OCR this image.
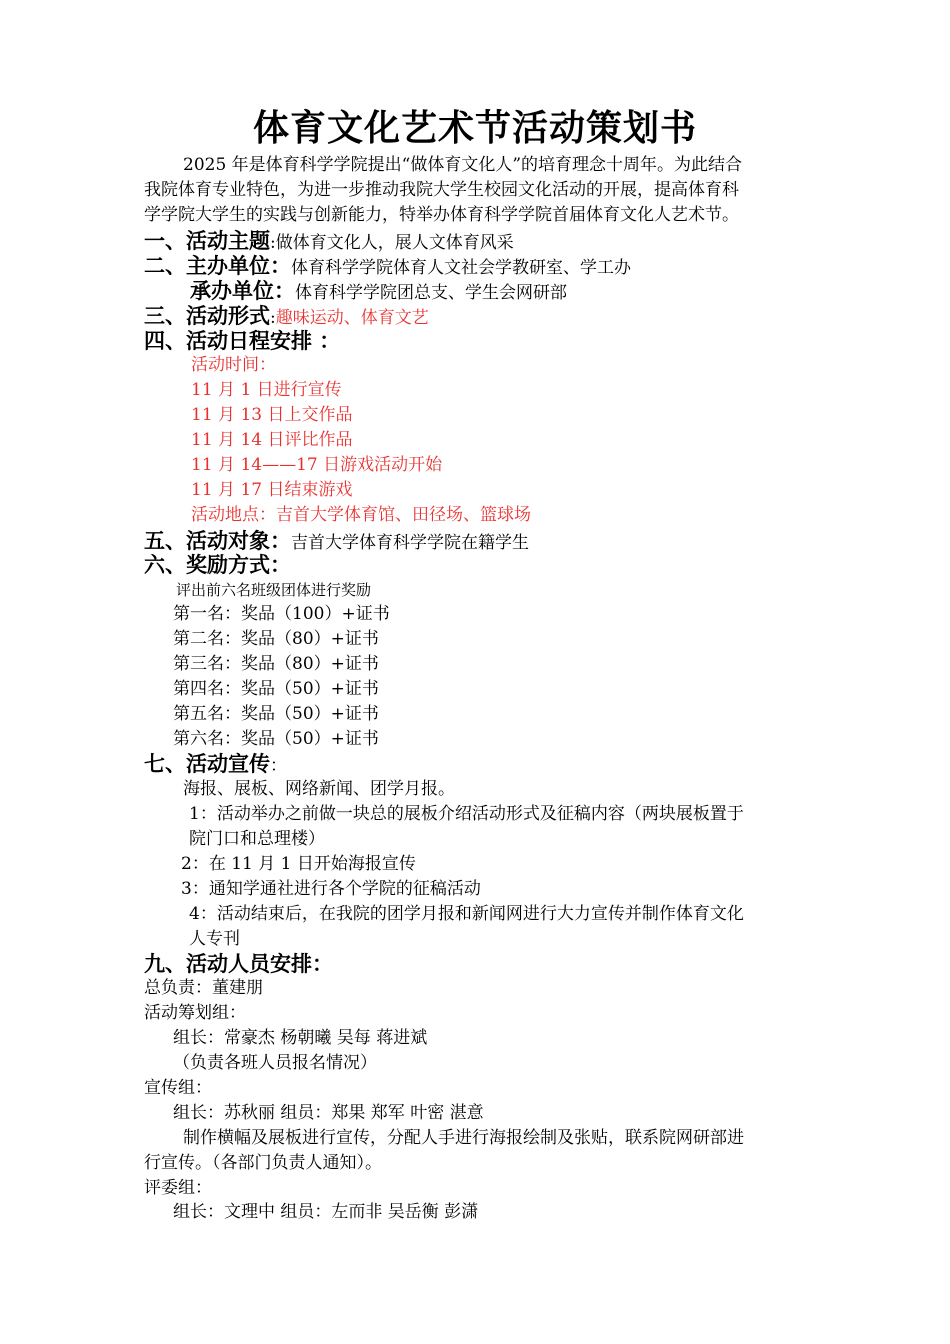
体育文化艺术节活动策划书
2025 年是体育科学学院提出“做体育文化人”的培育理念十周年。为此结合
我院体育专业特色，为进一步推动我院大学生校园文化活动的开展，提高体育科
学学院大学生的实践与创新能力，特举办体育科学学院首届体育文化人艺术节。
一、活动主题:做体育文化人，展人文体育风采
二、主办单位：体育科学学院体育人文社会学教研室、学工办
承办单位：体育科学学院团总支、学生会网研部
三、活动形式:趣味运动、体育文艺
四、活动日程安排 ：
活动时间：
11 月 1 日进行宣传
11 月 13 日上交作品
11 月 14 日评比作品
11 月 14——17 日游戏活动开始
11 月 17 日结束游戏
活动地点：吉首大学体育馆、田径场、篮球场
五、活动对象：吉首大学体育科学学院在籍学生
六、奖励方式：
评出前六名班级团体进行奖励
第一名：奖品（100）+证书
第二名：奖品（80）+证书
第三名：奖品（80）+证书
第四名：奖品（50）+证书
第五名：奖品（50）+证书
第六名：奖品（50）+证书
七、活动宣传：
海报、展板、网络新闻、团学月报。
1：活动举办之前做一块总的展板介绍活动形式及征稿内容（两块展板置于
院门口和总理楼）
2：在 11 月 1 日开始海报宣传
3：通知学通社进行各个学院的征稿活动
4：活动结束后，在我院的团学月报和新闻网进行大力宣传并制作体育文化
人专刊
九、活动人员安排：
总负责：董建朋
活动筹划组：
组长：常豪杰 杨朝曦 吴每 蒋进斌
（负责各班人员报名情况）
宣传组：
组长：苏秋丽 组员：郑果 郑军 叶密 湛意
制作横幅及展板进行宣传，分配人手进行海报绘制及张贴，联系院网研部进
行宣传。（各部门负责人通知）。
评委组：
组长：文理中 组员：左而非 吴岳衡 彭潇
